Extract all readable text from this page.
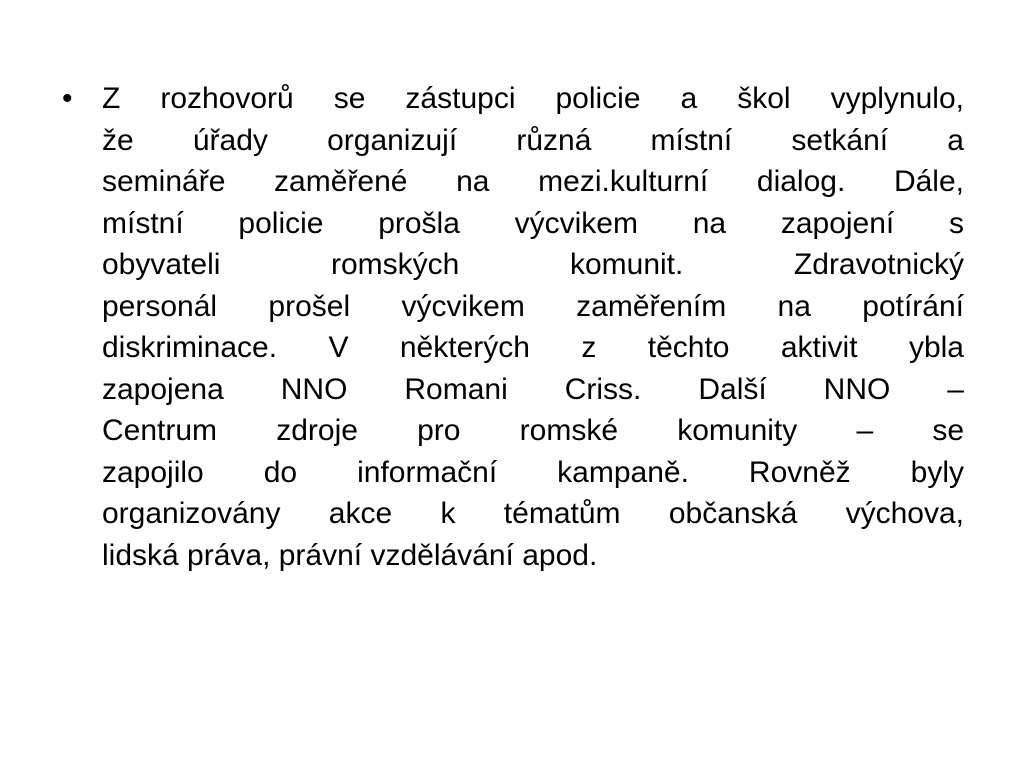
• Z rozhovorů se zástupci policie a škol vyplynulo,
že úřady organizují různá místní setkání a
semináře zaměřené na mezi.kulturní dialog. Dále,
místní policie prošla výcvikem na zapojení s
obyvateli romských komunit. Zdravotnický
personál prošel výcvikem zaměřením na potírání
diskriminace. V některých z těchto aktivit ybla
zapojena NNO Romani Criss. Další NNO –
Centrum zdroje pro romské komunity – se
zapojilo do informační kampaně. Rovněž byly
organizovány akce k tématům občanská výchova,
lidská práva, právní vzdělávání apod.
